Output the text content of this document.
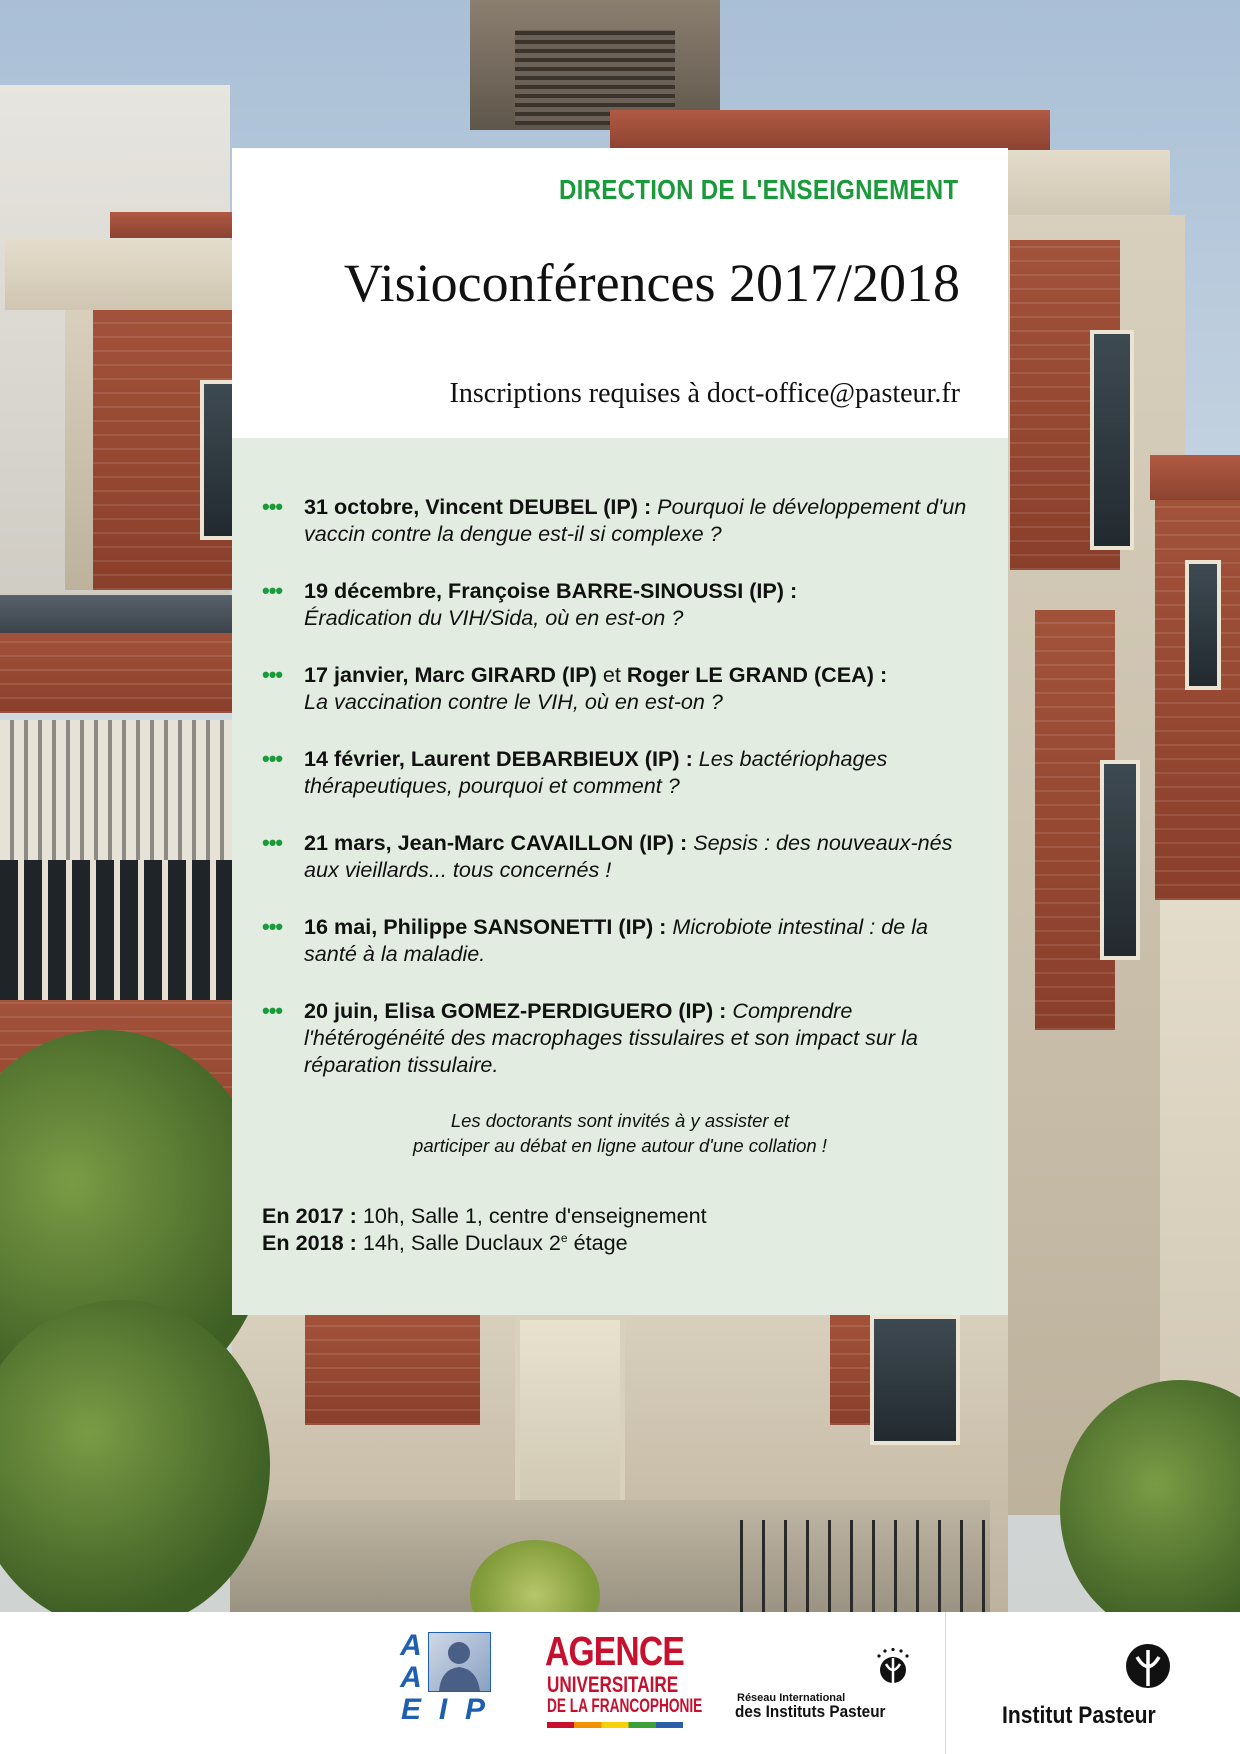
DIRECTION DE L'ENSEIGNEMENT
Visioconférences 2017/2018
Inscriptions requises à doct-office@pasteur.fr
••• 31 octobre, Vincent DEUBEL (IP) : Pourquoi le développement d'un vaccin contre la dengue est-il si complexe ?
••• 19 décembre, Françoise BARRE-SINOUSSI (IP) :
Éradication du VIH/Sida, où en est-on ?
••• 17 janvier, Marc GIRARD (IP) et Roger LE GRAND (CEA) :
La vaccination contre le VIH, où en est-on ?
••• 14 février, Laurent DEBARBIEUX (IP) : Les bactériophages thérapeutiques, pourquoi et comment ?
••• 21 mars, Jean-Marc CAVAILLON (IP) : Sepsis : des nouveaux-nés aux vieillards... tous concernés !
••• 16 mai, Philippe SANSONETTI (IP) : Microbiote intestinal : de la santé à la maladie.
••• 20 juin, Elisa GOMEZ-PERDIGUERO (IP) : Comprendre l'hétérogénéité des macrophages tissulaires et son impact sur la réparation tissulaire.
Les doctorants sont invités à y assister et
participer au débat en ligne autour d'une collation !
En 2017 : 10h, Salle 1, centre d'enseignement
En 2018 : 14h, Salle Duclaux 2e étage
A
A
E I P
AGENCE
UNIVERSITAIRE
DE LA FRANCOPHONIE	Réseau International
des Instituts Pasteur	Institut Pasteur
